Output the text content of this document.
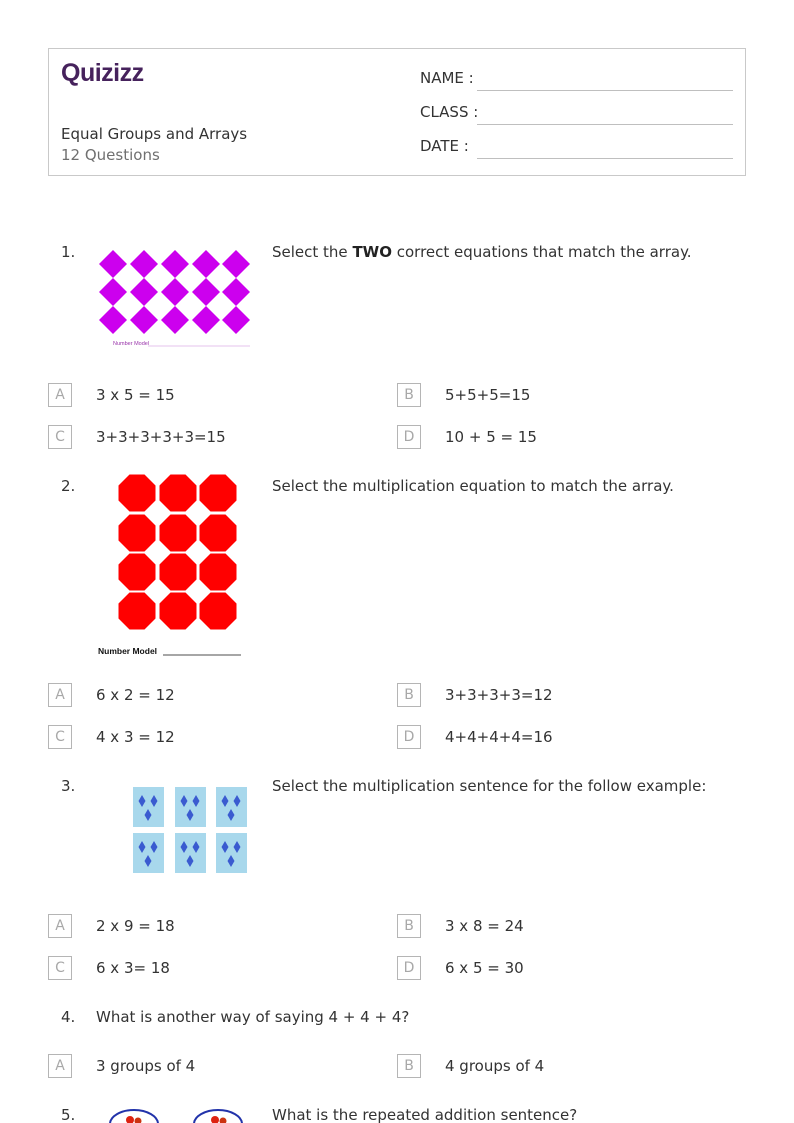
Quizizz
Equal Groups and Arrays
12 Questions
NAME :
CLASS :
DATE :
1.	Select the TWO correct equations that match the array.
Number Model
A	3 x 5 = 15	B	5+5+5=15
C	3+3+3+3+3=15	D	10 + 5 = 15
2.	Select the multiplication equation to match the array.
Number Model
A	6 x 2 = 12	B	3+3+3+3=12
C	4 x 3 = 12	D	4+4+4+4=16
3.	Select the multiplication sentence for the follow example:
A	2 x 9 = 18	B	3 x 8 = 24
C	6 x 3= 18	D	6 x 5 = 30
4. What is another way of saying 4 + 4 + 4?
A	3 groups of 4	B	4 groups of 4
5.	What is the repeated addition sentence?
